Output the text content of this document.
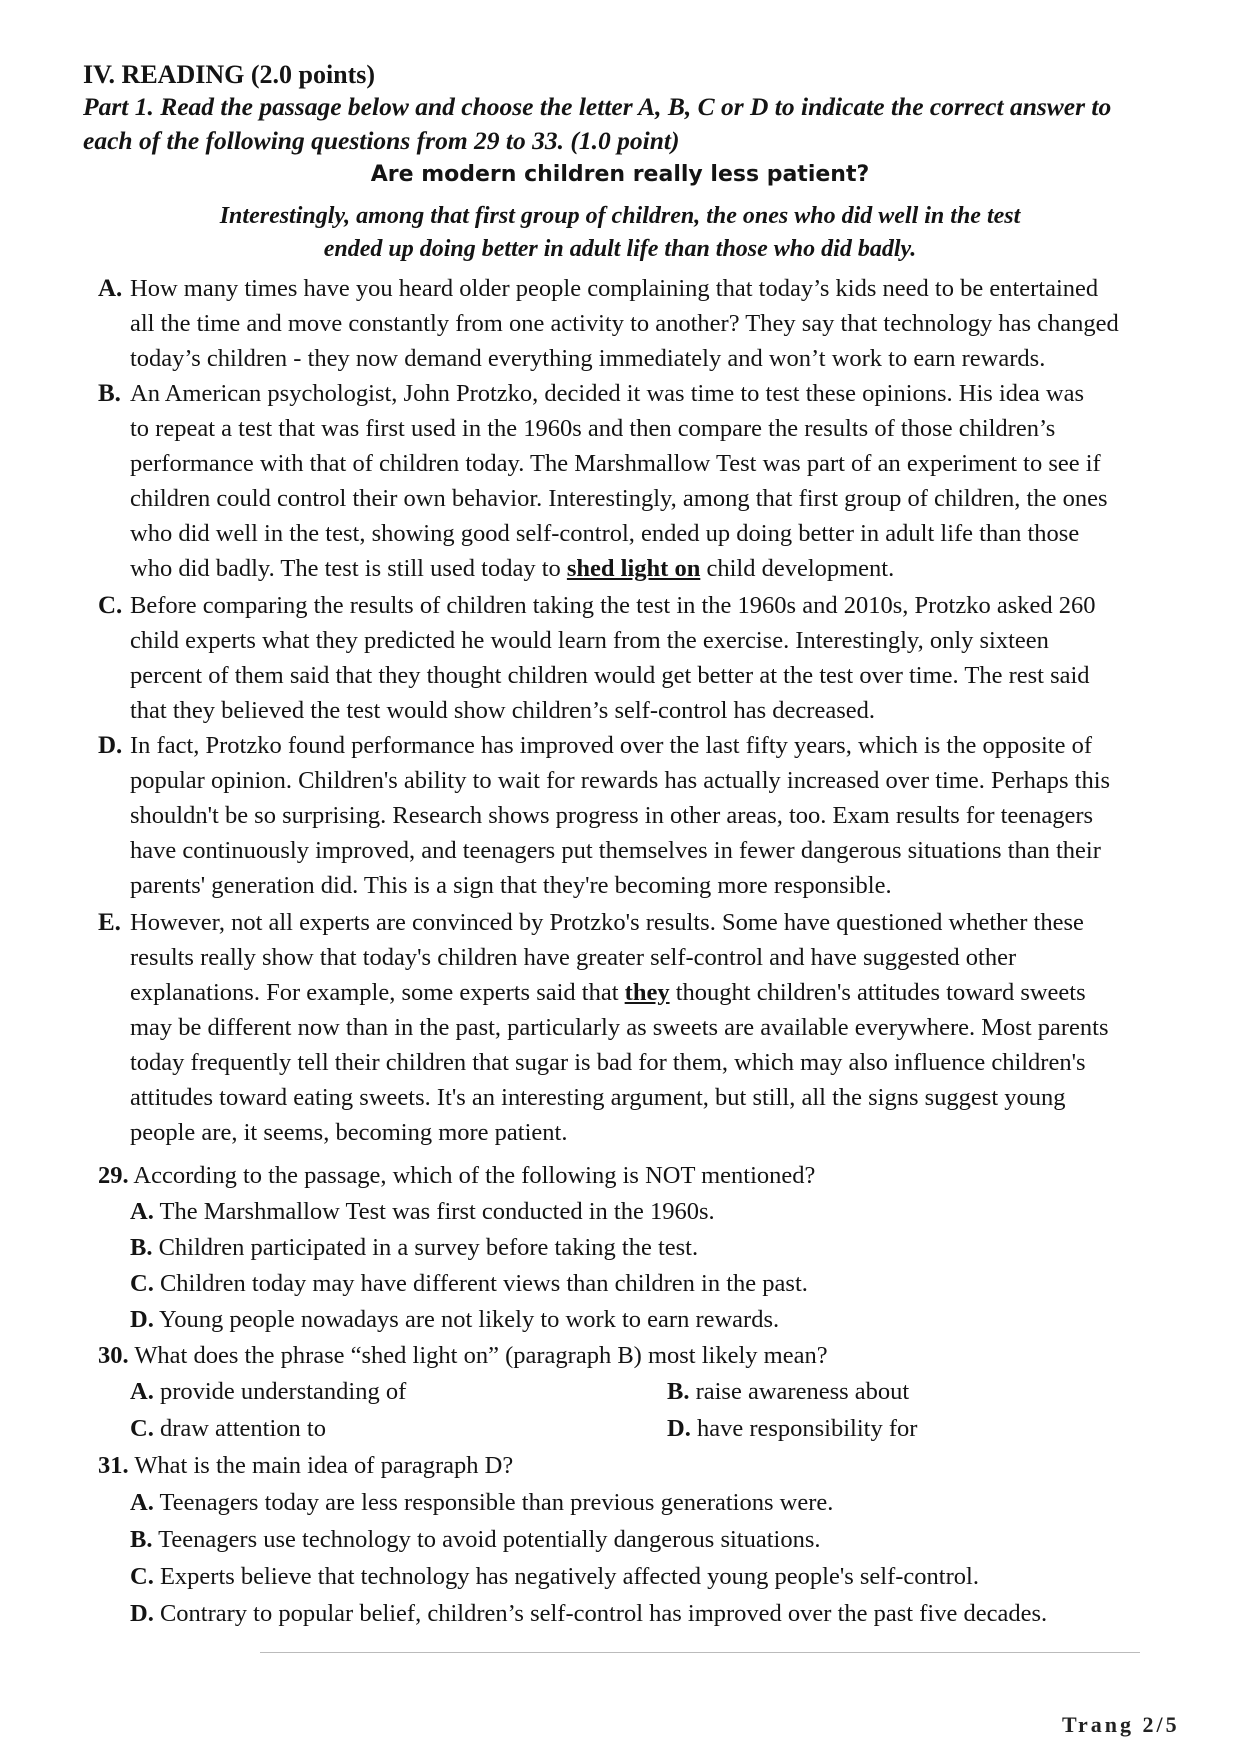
IV. READING (2.0 points)
Part 1. Read the passage below and choose the letter A, B, C or D to indicate the correct answer to
each of the following questions from 29 to 33. (1.0 point)
Are modern children really less patient?
Interestingly, among that first group of children, the ones who did well in the test
ended up doing better in adult life than those who did badly.
A. How many times have you heard older people complaining that today’s kids need to be entertained
all the time and move constantly from one activity to another? They say that technology has changed
today’s children - they now demand everything immediately and won’t work to earn rewards.
B. An American psychologist, John Protzko, decided it was time to test these opinions. His idea was
to repeat a test that was first used in the 1960s and then compare the results of those children’s
performance with that of children today. The Marshmallow Test was part of an experiment to see if
children could control their own behavior. Interestingly, among that first group of children, the ones
who did well in the test, showing good self-control, ended up doing better in adult life than those
who did badly. The test is still used today to shed light on child development.
C. Before comparing the results of children taking the test in the 1960s and 2010s, Protzko asked 260
child experts what they predicted he would learn from the exercise. Interestingly, only sixteen
percent of them said that they thought children would get better at the test over time. The rest said
that they believed the test would show children’s self-control has decreased.
D. In fact, Protzko found performance has improved over the last fifty years, which is the opposite of
popular opinion. Children's ability to wait for rewards has actually increased over time. Perhaps this
shouldn't be so surprising. Research shows progress in other areas, too. Exam results for teenagers
have continuously improved, and teenagers put themselves in fewer dangerous situations than their
parents' generation did. This is a sign that they're becoming more responsible.
E. However, not all experts are convinced by Protzko's results. Some have questioned whether these
results really show that today's children have greater self-control and have suggested other
explanations. For example, some experts said that they thought children's attitudes toward sweets
may be different now than in the past, particularly as sweets are available everywhere. Most parents
today frequently tell their children that sugar is bad for them, which may also influence children's
attitudes toward eating sweets. It's an interesting argument, but still, all the signs suggest young
people are, it seems, becoming more patient.
29. According to the passage, which of the following is NOT mentioned?
A. The Marshmallow Test was first conducted in the 1960s.
B. Children participated in a survey before taking the test.
C. Children today may have different views than children in the past.
D. Young people nowadays are not likely to work to earn rewards.
30. What does the phrase “shed light on” (paragraph B) most likely mean?
A. provide understanding of	B. raise awareness about
C. draw attention to	D. have responsibility for
31. What is the main idea of paragraph D?
A. Teenagers today are less responsible than previous generations were.
B. Teenagers use technology to avoid potentially dangerous situations.
C. Experts believe that technology has negatively affected young people's self-control.
D. Contrary to popular belief, children’s self-control has improved over the past five decades.
Trang 2/5
